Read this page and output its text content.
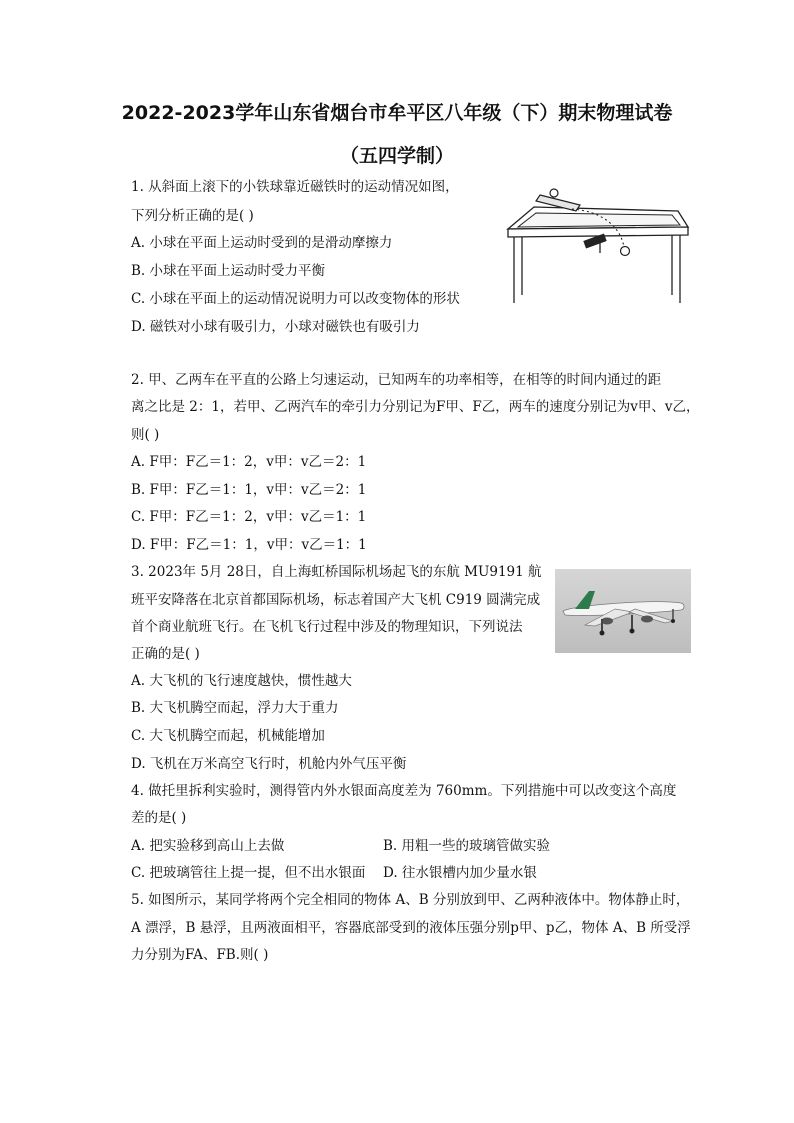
2022-2023学年山东省烟台市牟平区八年级（下）期末物理试卷
（五四学制）
1. 从斜面上滚下的小铁球靠近磁铁时的运动情况如图，
下列分析正确的是( )
A. 小球在平面上运动时受到的是滑动摩擦力
B. 小球在平面上运动时受力平衡
C. 小球在平面上的运动情况说明力可以改变物体的形状
D. 磁铁对小球有吸引力，小球对磁铁也有吸引力
2. 甲、乙两车在平直的公路上匀速运动，已知两车的功率相等，在相等的时间内通过的距
离之比是 2：1，若甲、乙两汽车的牵引力分别记为F甲、F乙，两车的速度分别记为v甲、v乙，
则( )
A. F甲：F乙＝1：2，v甲：v乙＝2：1
B. F甲：F乙＝1：1，v甲：v乙＝2：1
C. F甲：F乙＝1：2，v甲：v乙＝1：1
D. F甲：F乙＝1：1，v甲：v乙＝1：1
3. 2023年 5月 28日，自上海虹桥国际机场起飞的东航 MU9191 航
班平安降落在北京首都国际机场，标志着国产大飞机 C919 圆满完成
首个商业航班飞行。在飞机飞行过程中涉及的物理知识，下列说法
正确的是( )
A. 大飞机的飞行速度越快，惯性越大
B. 大飞机腾空而起，浮力大于重力
C. 大飞机腾空而起，机械能增加
D. 飞机在万米高空飞行时，机舱内外气压平衡
4. 做托里拆利实验时，测得管内外水银面高度差为 760mm。下列措施中可以改变这个高度
差的是( )
A. 把实验移到高山上去做	B. 用粗一些的玻璃管做实验
C. 把玻璃管往上提一提，但不出水银面 D. 往水银槽内加少量水银
5. 如图所示，某同学将两个完全相同的物体 A、B 分别放到甲、乙两种液体中。物体静止时，
A 漂浮，B 悬浮，且两液面相平，容器底部受到的液体压强分别p甲、p乙，物体 A、B 所受浮
力分别为FA、FB.则( )
